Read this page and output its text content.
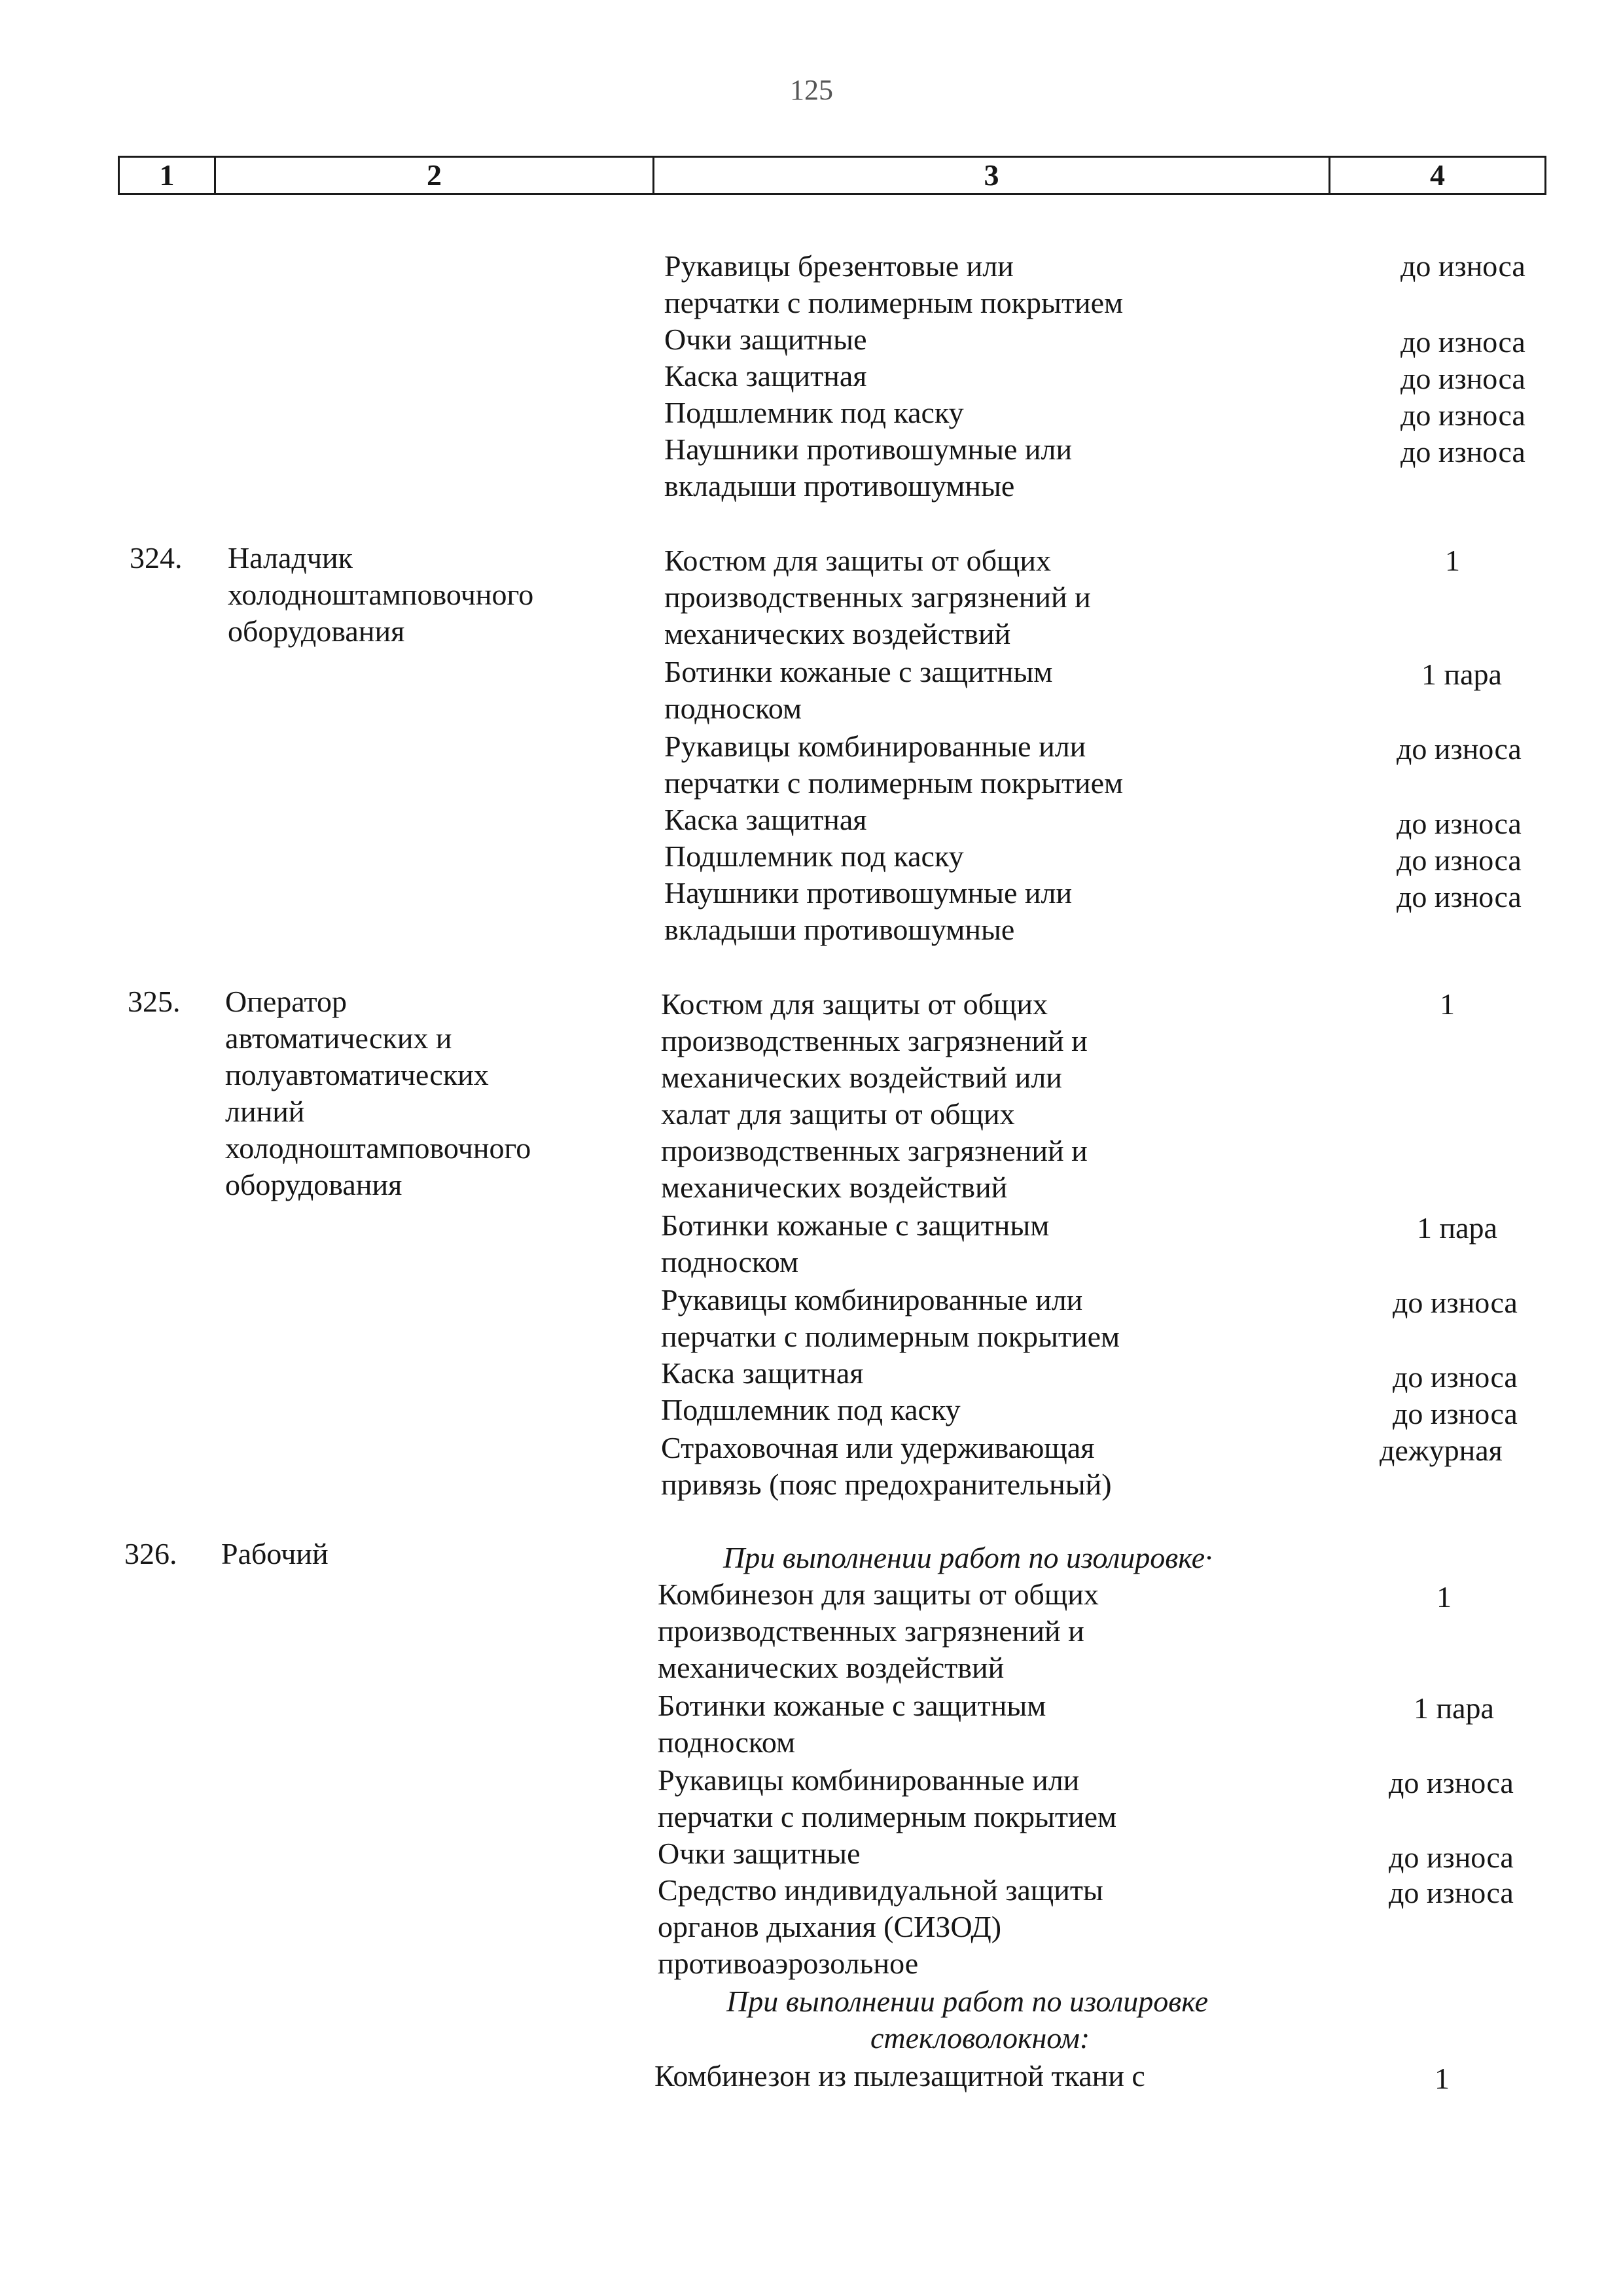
125
1	2	3	4
Рукавицы брезентовые или	до износа
перчатки с полимерным покрытием
Очки защитные	до износа
Каска защитная	до износа
Подшлемник под каску	до износа
Наушники противошумные или	до износа
вкладыши противошумные
324. Наладчик
холодноштамповочного
оборудования
Костюм для защиты от общих	1
производственных загрязнений и
механических воздействий
Ботинки кожаные с защитным	1 пара
подноском
Рукавицы комбинированные или	до износа
перчатки с полимерным покрытием
Каска защитная	до износа
Подшлемник под каску	до износа
Наушники противошумные или	до износа
вкладыши противошумные
325. Оператор
автоматических и
полуавтоматических
линий
холодноштамповочного
оборудования
Костюм для защиты от общих	1
производственных загрязнений и
механических воздействий или
халат для защиты от общих
производственных загрязнений и
механических воздействий
Ботинки кожаные с защитным	1 пара
подноском
Рукавицы комбинированные или	до износа
перчатки с полимерным покрытием
Каска защитная	до износа
Подшлемник под каску	до износа
Страховочная или удерживающая	дежурная
привязь (пояс предохранительный)
326. Рабочий	При выполнении работ по изолировке·
Комбинезон для защиты от общих	1
производственных загрязнений и
механических воздействий
Ботинки кожаные с защитным	1 пара
подноском
Рукавицы комбинированные или	до износа
перчатки с полимерным покрытием
Очки защитные	до износа
Средство индивидуальной защиты	до износа
органов дыхания (СИЗОД)
противоаэрозольное
При выполнении работ по изолировке
стекловолокном:
Комбинезон из пылезащитной ткани с	1
